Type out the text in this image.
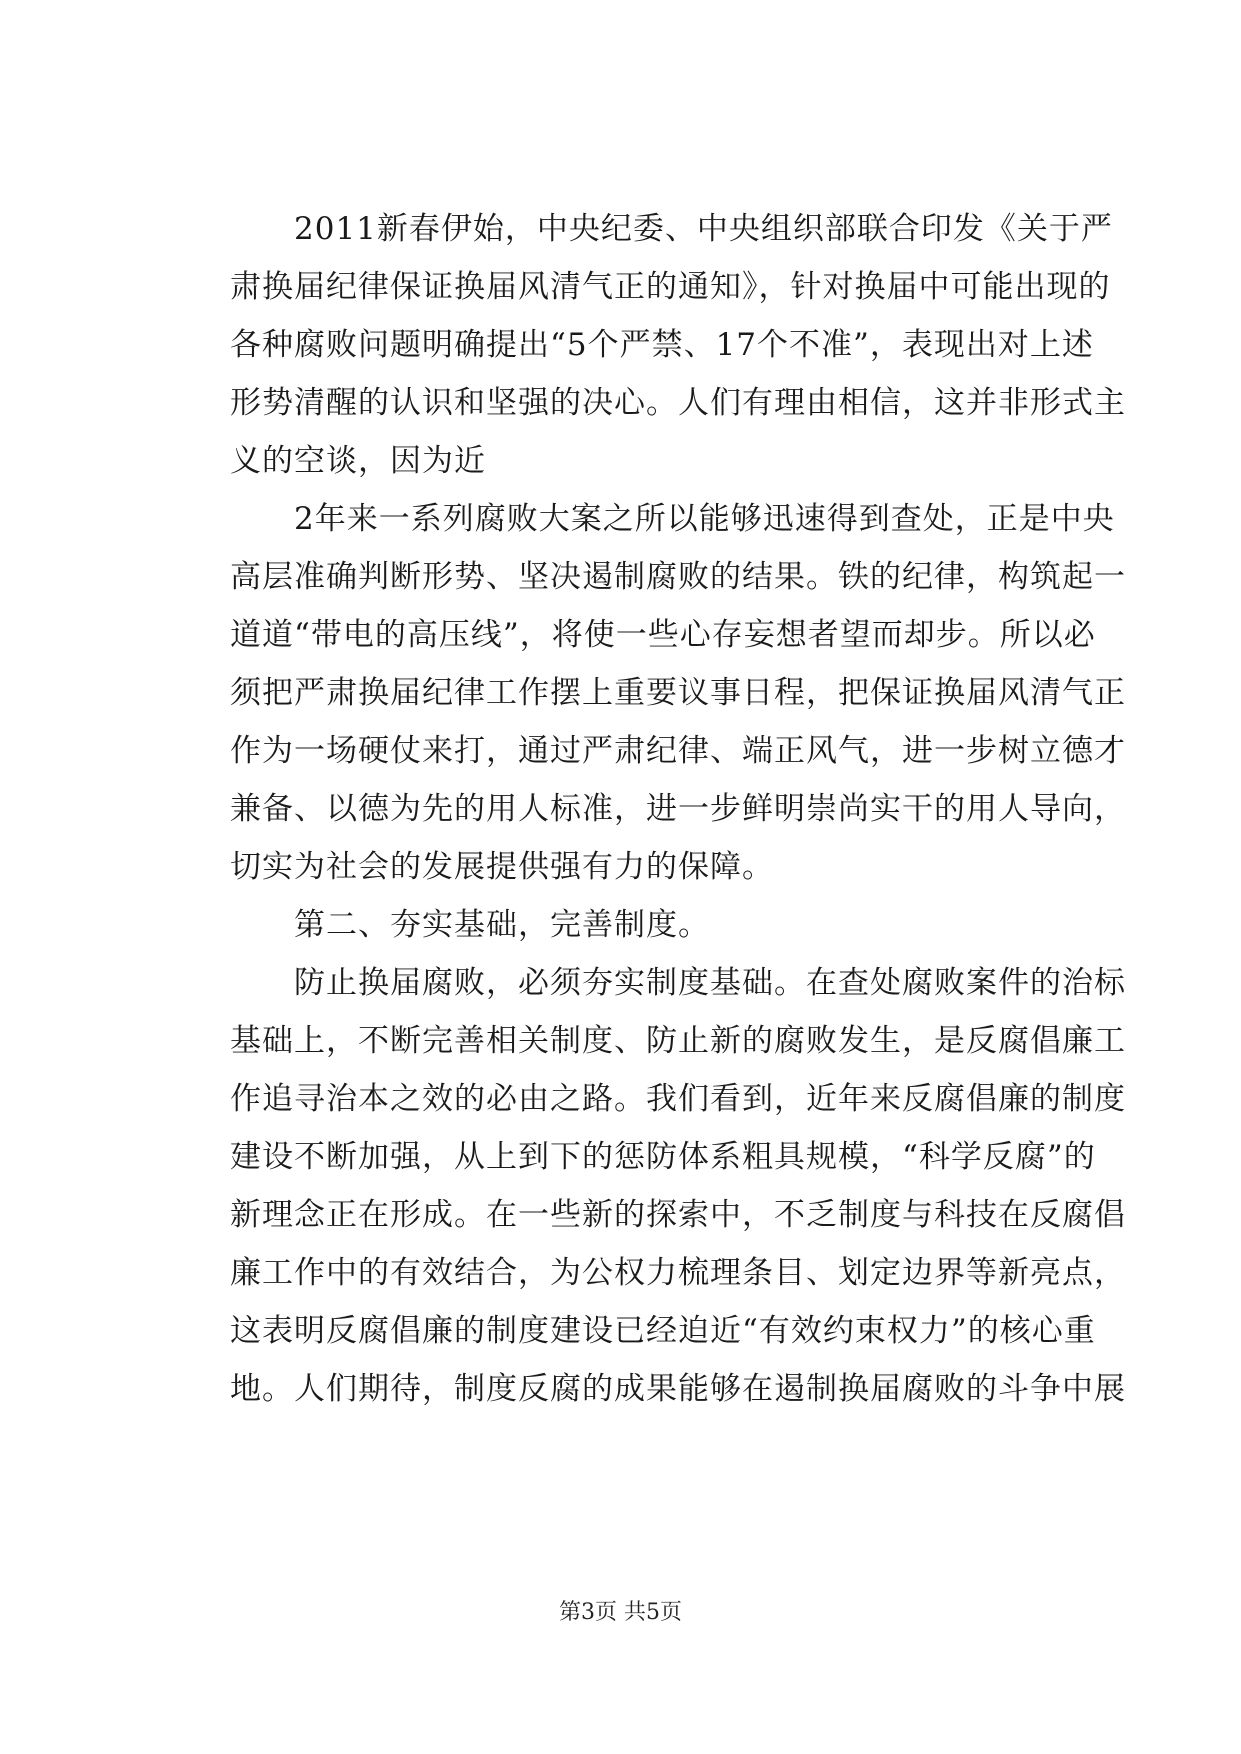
2011新春伊始，中央纪委、中央组织部联合印发《关于严
肃换届纪律保证换届风清气正的通知》，针对换届中可能出现的
各种腐败问题明确提出“5个严禁、17个不准”，表现出对上述
形势清醒的认识和坚强的决心。人们有理由相信，这并非形式主
义的空谈，因为近
2年来一系列腐败大案之所以能够迅速得到查处，正是中央
高层准确判断形势、坚决遏制腐败的结果。铁的纪律，构筑起一
道道“带电的高压线”，将使一些心存妄想者望而却步。所以必
须把严肃换届纪律工作摆上重要议事日程，把保证换届风清气正
作为一场硬仗来打，通过严肃纪律、端正风气，进一步树立德才
兼备、以德为先的用人标准，进一步鲜明崇尚实干的用人导向，
切实为社会的发展提供强有力的保障。
第二、夯实基础，完善制度。
防止换届腐败，必须夯实制度基础。在查处腐败案件的治标
基础上，不断完善相关制度、防止新的腐败发生，是反腐倡廉工
作追寻治本之效的必由之路。我们看到，近年来反腐倡廉的制度
建设不断加强，从上到下的惩防体系粗具规模，“科学反腐”的
新理念正在形成。在一些新的探索中，不乏制度与科技在反腐倡
廉工作中的有效结合，为公权力梳理条目、划定边界等新亮点，
这表明反腐倡廉的制度建设已经迫近“有效约束权力”的核心重
地。人们期待，制度反腐的成果能够在遏制换届腐败的斗争中展
第3页 共5页
